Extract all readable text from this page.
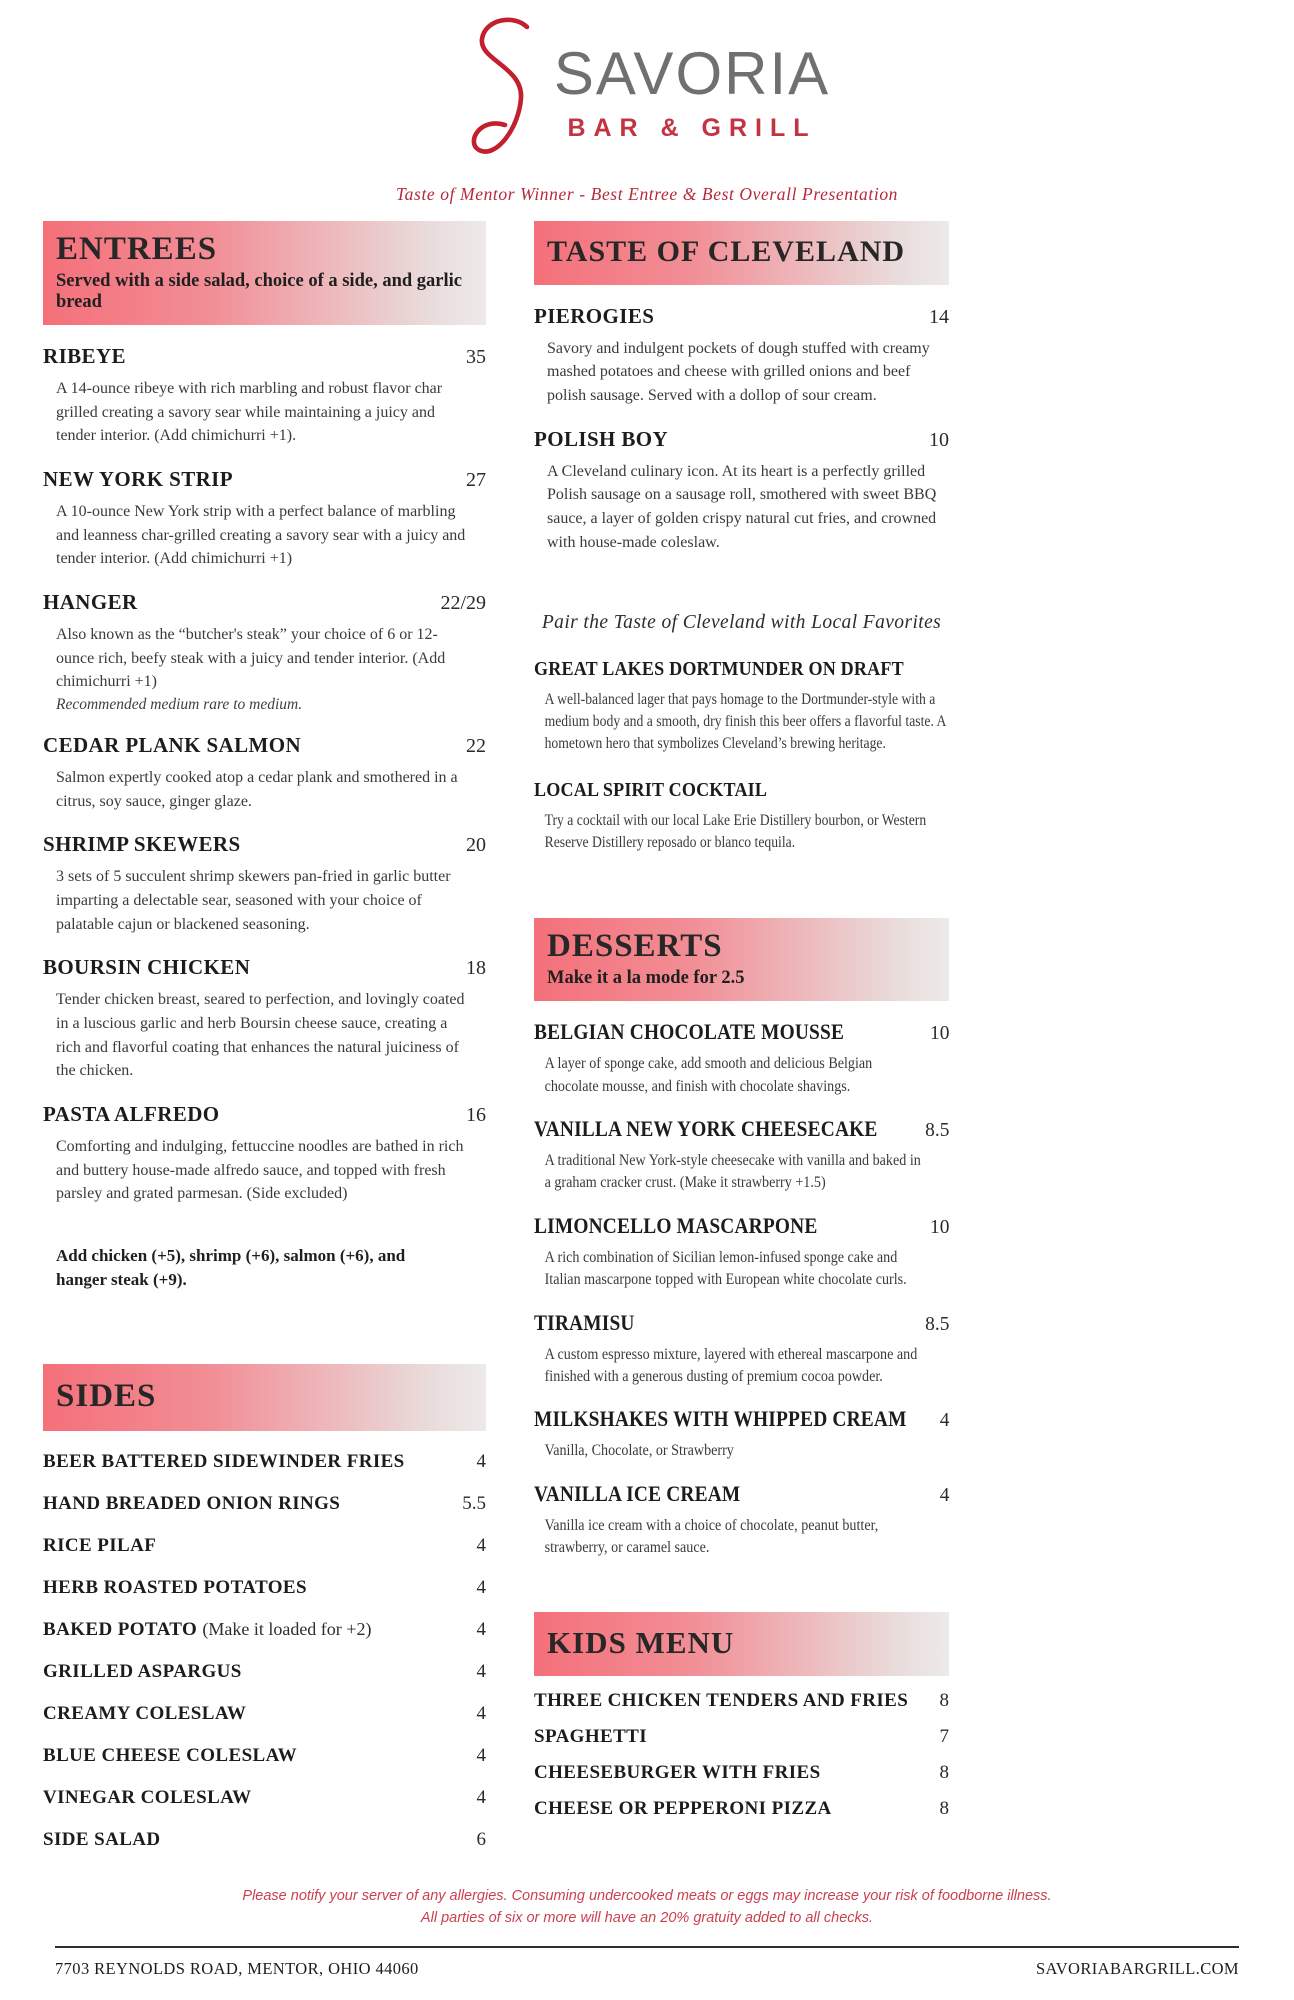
SAVORIA
BAR & GRILL
Taste of Mentor Winner - Best Entree & Best Overall Presentation
ENTREES
Served with a side salad, choice of a side, and garlic bread
RIBEYE	35

A 14-ounce ribeye with rich marbling and robust flavor char grilled creating a savory sear while maintaining a juicy and tender interior. (Add chimichurri +1).

NEW YORK STRIP	27

A 10-ounce New York strip with a perfect balance of marbling and leanness char-grilled creating a savory sear with a juicy and tender interior. (Add chimichurri +1)

HANGER	22/29

Also known as the “butcher's steak” your choice of 6 or 12-ounce rich, beefy steak with a juicy and tender interior. (Add chimichurri +1)

Recommended medium rare to medium.

CEDAR PLANK SALMON	22

Salmon expertly cooked atop a cedar plank and smothered in a citrus, soy sauce, ginger glaze.

SHRIMP SKEWERS	20

3 sets of 5 succulent shrimp skewers pan-fried in garlic butter imparting a delectable sear, seasoned with your choice of palatable cajun or blackened seasoning.

BOURSIN CHICKEN	18

Tender chicken breast, seared to perfection, and lovingly coated in a luscious garlic and herb Boursin cheese sauce, creating a rich and flavorful coating that enhances the natural juiciness of the chicken.

PASTA ALFREDO	16

Comforting and indulging, fettuccine noodles are bathed in rich and buttery house-made alfredo sauce, and topped with fresh parsley and grated parmesan. (Side excluded)

Add chicken (+5), shrimp (+6), salmon (+6), and hanger steak (+9).

SIDES
BEER BATTERED SIDEWINDER FRIES	4
HAND BREADED ONION RINGS	5.5
RICE PILAF	4
HERB ROASTED POTATOES	4
BAKED POTATO (Make it loaded for +2)	4
GRILLED ASPARGUS	4
CREAMY COLESLAW	4
BLUE CHEESE COLESLAW	4
VINEGAR COLESLAW	4
SIDE SALAD	6
TASTE OF CLEVELAND
PIEROGIES	14

Savory and indulgent pockets of dough stuffed with creamy mashed potatoes and cheese with grilled onions and beef polish sausage. Served with a dollop of sour cream.

POLISH BOY	10

A Cleveland culinary icon. At its heart is a perfectly grilled Polish sausage on a sausage roll, smothered with sweet BBQ sauce, a layer of golden crispy natural cut fries, and crowned with house-made coleslaw.

Pair the Taste of Cleveland with Local Favorites
GREAT LAKES DORTMUNDER ON DRAFT

A well-balanced lager that pays homage to the Dortmunder-style with a medium body and a smooth, dry finish this beer offers a flavorful taste. A hometown hero that symbolizes Cleveland’s brewing heritage.

LOCAL SPIRIT COCKTAIL

Try a cocktail with our local Lake Erie Distillery bourbon, or Western Reserve Distillery reposado or blanco tequila.

DESSERTS
Make it a la mode for 2.5
BELGIAN CHOCOLATE MOUSSE	10

A layer of sponge cake, add smooth and delicious Belgian chocolate mousse, and finish with chocolate shavings.

VANILLA NEW YORK CHEESECAKE 8.5

A traditional New York-style cheesecake with vanilla and baked in a graham cracker crust. (Make it strawberry +1.5)

LIMONCELLO MASCARPONE	10

A rich combination of Sicilian lemon-infused sponge cake and Italian mascarpone topped with European white chocolate curls.

TIRAMISU	8.5

A custom espresso mixture, layered with ethereal mascarpone and finished with a generous dusting of premium cocoa powder.

MILKSHAKES WITH WHIPPED CREAM 4

Vanilla, Chocolate, or Strawberry

VANILLA ICE CREAM	4

Vanilla ice cream with a choice of chocolate, peanut butter, strawberry, or caramel sauce.

KIDS MENU
THREE CHICKEN TENDERS AND FRIES 8
SPAGHETTI	7
CHEESEBURGER WITH FRIES	8
CHEESE OR PEPPERONI PIZZA	8

Please notify your server of any allergies. Consuming undercooked meats or eggs may increase your risk of foodborne illness.

All parties of six or more will have an 20% gratuity added to all checks.

7703 REYNOLDS ROAD, MENTOR, OHIO 44060	SAVORIABARGRILL.COM
